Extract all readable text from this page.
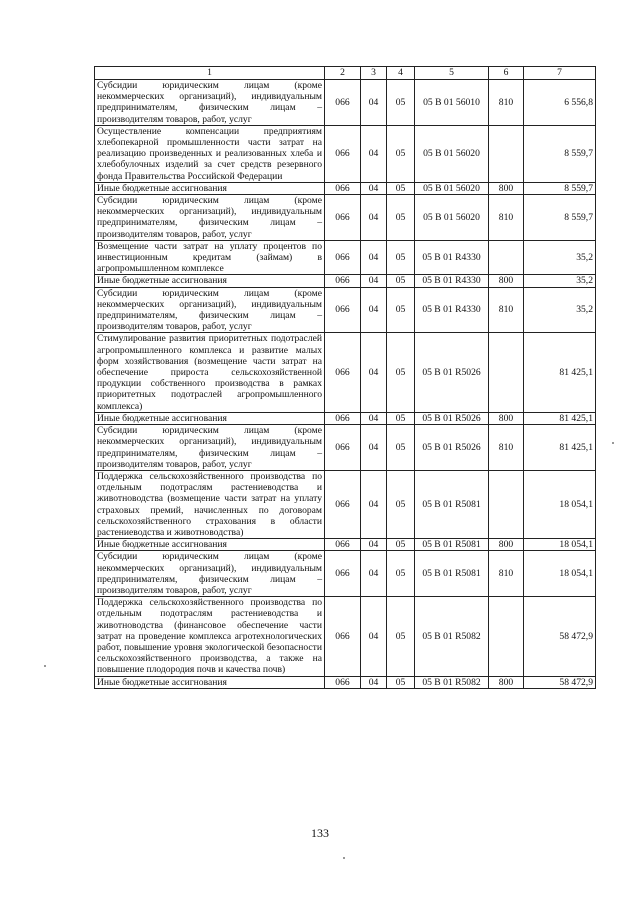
1	2	3	4	5	6	7
Субсидии юридическим лицам (кроме некоммерческих организаций), индивидуальным предпринимателям, физическим лицам – производителям товаров, работ, услуг	066	04	05	05 В 01 56010	810	6 556,8
Осуществление компенсации предприятиям хлебопекарной промышленности части затрат на реализацию произведенных и реализованных хлеба и хлебобулочных изделий за счет средств резервного фонда Правительства Российской Федерации	066	04	05	05 В 01 56020		8 559,7
Иные бюджетные ассигнования	066	04	05	05 В 01 56020	800	8 559,7
Субсидии юридическим лицам (кроме некоммерческих организаций), индивидуальным предпринимателям, физическим лицам – производителям товаров, работ, услуг	066	04	05	05 В 01 56020	810	8 559,7
Возмещение части затрат на уплату процентов по инвестиционным кредитам (займам) в агропромышленном комплексе	066	04	05	05 В 01 R4330		35,2
Иные бюджетные ассигнования	066	04	05	05 В 01 R4330	800	35,2
Субсидии юридическим лицам (кроме некоммерческих организаций), индивидуальным предпринимателям, физическим лицам – производителям товаров, работ, услуг	066	04	05	05 В 01 R4330	810	35,2
Стимулирование развития приоритетных подотраслей агропромышленного комплекса и развитие малых форм хозяйствования (возмещение части затрат на обеспечение прироста сельскохозяйственной продукции собственного производства в рамках приоритетных подотраслей агропромышленного комплекса)	066	04	05	05 В 01 R5026		81 425,1
Иные бюджетные ассигнования	066	04	05	05 В 01 R5026	800	81 425,1
Субсидии юридическим лицам (кроме некоммерческих организаций), индивидуальным предпринимателям, физическим лицам – производителям товаров, работ, услуг	066	04	05	05 В 01 R5026	810	81 425,1
Поддержка сельскохозяйственного производства по отдельным подотраслям растениеводства и животноводства (возмещение части затрат на уплату страховых премий, начисленных по договорам сельскохозяйственного страхования в области растениеводства и животноводства)	066	04	05	05 В 01 R5081		18 054,1
Иные бюджетные ассигнования	066	04	05	05 В 01 R5081	800	18 054,1
Субсидии юридическим лицам (кроме некоммерческих организаций), индивидуальным предпринимателям, физическим лицам – производителям товаров, работ, услуг	066	04	05	05 В 01 R5081	810	18 054,1
Поддержка сельскохозяйственного производства по отдельным подотраслям растениеводства и животноводства (финансовое обеспечение части затрат на проведение комплекса агротехнологических работ, повышение уровня экологической безопасности сельскохозяйственного производства, а также на повышение плодородия почв и качества почв)	066	04	05	05 В 01 R5082		58 472,9
Иные бюджетные ассигнования	066	04	05	05 В 01 R5082	800	58 472,9
133
